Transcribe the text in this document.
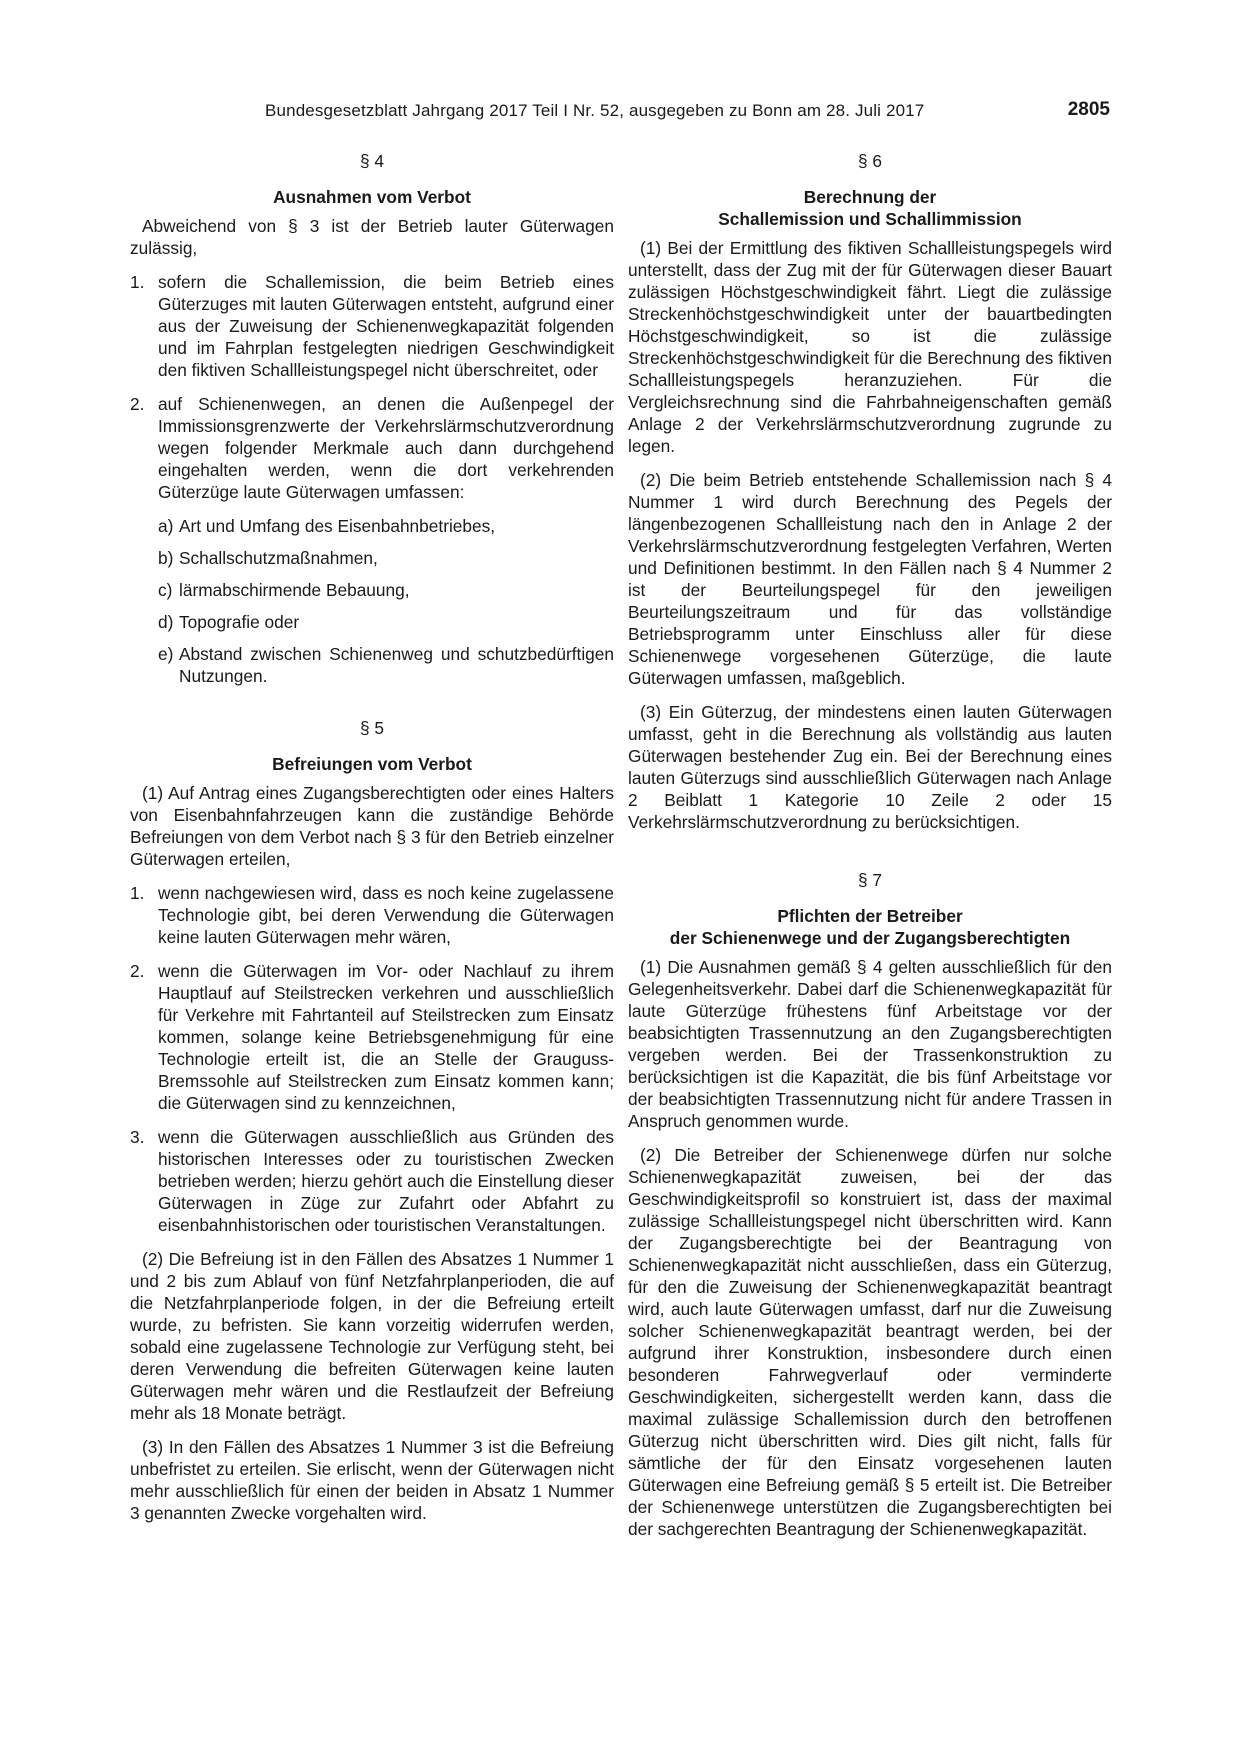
Bundesgesetzblatt Jahrgang 2017 Teil I Nr. 52, ausgegeben zu Bonn am 28. Juli 2017	2805
§ 4
Ausnahmen vom Verbot
Abweichend von § 3 ist der Betrieb lauter Güterwagen zulässig,
1. sofern die Schallemission, die beim Betrieb eines Güterzuges mit lauten Güterwagen entsteht, aufgrund einer aus der Zuweisung der Schienenwegkapazität folgenden und im Fahrplan festgelegten niedrigen Geschwindigkeit den fiktiven Schallleistungspegel nicht überschreitet, oder
2. auf Schienenwegen, an denen die Außenpegel der Immissionsgrenzwerte der Verkehrslärmschutzverordnung wegen folgender Merkmale auch dann durchgehend eingehalten werden, wenn die dort verkehrenden Güterzüge laute Güterwagen umfassen:
a) Art und Umfang des Eisenbahnbetriebes,
b) Schallschutzmaßnahmen,
c) lärmabschirmende Bebauung,
d) Topografie oder
e) Abstand zwischen Schienenweg und schutzbedürftigen Nutzungen.
§ 5
Befreiungen vom Verbot
(1) Auf Antrag eines Zugangsberechtigten oder eines Halters von Eisenbahnfahrzeugen kann die zuständige Behörde Befreiungen von dem Verbot nach § 3 für den Betrieb einzelner Güterwagen erteilen,
1. wenn nachgewiesen wird, dass es noch keine zugelassene Technologie gibt, bei deren Verwendung die Güterwagen keine lauten Güterwagen mehr wären,
2. wenn die Güterwagen im Vor- oder Nachlauf zu ihrem Hauptlauf auf Steilstrecken verkehren und ausschließlich für Verkehre mit Fahrtanteil auf Steilstrecken zum Einsatz kommen, solange keine Betriebsgenehmigung für eine Technologie erteilt ist, die an Stelle der Grauguss-Bremssohle auf Steilstrecken zum Einsatz kommen kann; die Güterwagen sind zu kennzeichnen,
3. wenn die Güterwagen ausschließlich aus Gründen des historischen Interesses oder zu touristischen Zwecken betrieben werden; hierzu gehört auch die Einstellung dieser Güterwagen in Züge zur Zufahrt oder Abfahrt zu eisenbahnhistorischen oder touristischen Veranstaltungen.
(2) Die Befreiung ist in den Fällen des Absatzes 1 Nummer 1 und 2 bis zum Ablauf von fünf Netzfahrplanperioden, die auf die Netzfahrplanperiode folgen, in der die Befreiung erteilt wurde, zu befristen. Sie kann vorzeitig widerrufen werden, sobald eine zugelassene Technologie zur Verfügung steht, bei deren Verwendung die befreiten Güterwagen keine lauten Güterwagen mehr wären und die Restlaufzeit der Befreiung mehr als 18 Monate beträgt.
(3) In den Fällen des Absatzes 1 Nummer 3 ist die Befreiung unbefristet zu erteilen. Sie erlischt, wenn der Güterwagen nicht mehr ausschließlich für einen der beiden in Absatz 1 Nummer 3 genannten Zwecke vorgehalten wird.
§ 6
Berechnung der
Schallemission und Schallimmission
(1) Bei der Ermittlung des fiktiven Schallleistungspegels wird unterstellt, dass der Zug mit der für Güterwagen dieser Bauart zulässigen Höchstgeschwindigkeit fährt. Liegt die zulässige Streckenhöchstgeschwindigkeit unter der bauartbedingten Höchstgeschwindigkeit, so ist die zulässige Streckenhöchstgeschwindigkeit für die Berechnung des fiktiven Schallleistungspegels heranzuziehen. Für die Vergleichsrechnung sind die Fahrbahneigenschaften gemäß Anlage 2 der Verkehrslärmschutzverordnung zugrunde zu legen.
(2) Die beim Betrieb entstehende Schallemission nach § 4 Nummer 1 wird durch Berechnung des Pegels der längenbezogenen Schallleistung nach den in Anlage 2 der Verkehrslärmschutzverordnung festgelegten Verfahren, Werten und Definitionen bestimmt. In den Fällen nach § 4 Nummer 2 ist der Beurteilungspegel für den jeweiligen Beurteilungszeitraum und für das vollständige Betriebsprogramm unter Einschluss aller für diese Schienenwege vorgesehenen Güterzüge, die laute Güterwagen umfassen, maßgeblich.
(3) Ein Güterzug, der mindestens einen lauten Güterwagen umfasst, geht in die Berechnung als vollständig aus lauten Güterwagen bestehender Zug ein. Bei der Berechnung eines lauten Güterzugs sind ausschließlich Güterwagen nach Anlage 2 Beiblatt 1 Kategorie 10 Zeile 2 oder 15 Verkehrslärmschutzverordnung zu berücksichtigen.
§ 7
Pflichten der Betreiber
der Schienenwege und der Zugangsberechtigten
(1) Die Ausnahmen gemäß § 4 gelten ausschließlich für den Gelegenheitsverkehr. Dabei darf die Schienenwegkapazität für laute Güterzüge frühestens fünf Arbeitstage vor der beabsichtigten Trassennutzung an den Zugangsberechtigten vergeben werden. Bei der Trassenkonstruktion zu berücksichtigen ist die Kapazität, die bis fünf Arbeitstage vor der beabsichtigten Trassennutzung nicht für andere Trassen in Anspruch genommen wurde.
(2) Die Betreiber der Schienenwege dürfen nur solche Schienenwegkapazität zuweisen, bei der das Geschwindigkeitsprofil so konstruiert ist, dass der maximal zulässige Schallleistungspegel nicht überschritten wird. Kann der Zugangsberechtigte bei der Beantragung von Schienenwegkapazität nicht ausschließen, dass ein Güterzug, für den die Zuweisung der Schienenwegkapazität beantragt wird, auch laute Güterwagen umfasst, darf nur die Zuweisung solcher Schienenwegkapazität beantragt werden, bei der aufgrund ihrer Konstruktion, insbesondere durch einen besonderen Fahrwegverlauf oder verminderte Geschwindigkeiten, sichergestellt werden kann, dass die maximal zulässige Schallemission durch den betroffenen Güterzug nicht überschritten wird. Dies gilt nicht, falls für sämtliche der für den Einsatz vorgesehenen lauten Güterwagen eine Befreiung gemäß § 5 erteilt ist. Die Betreiber der Schienenwege unterstützen die Zugangsberechtigten bei der sachgerechten Beantragung der Schienenwegkapazität.
